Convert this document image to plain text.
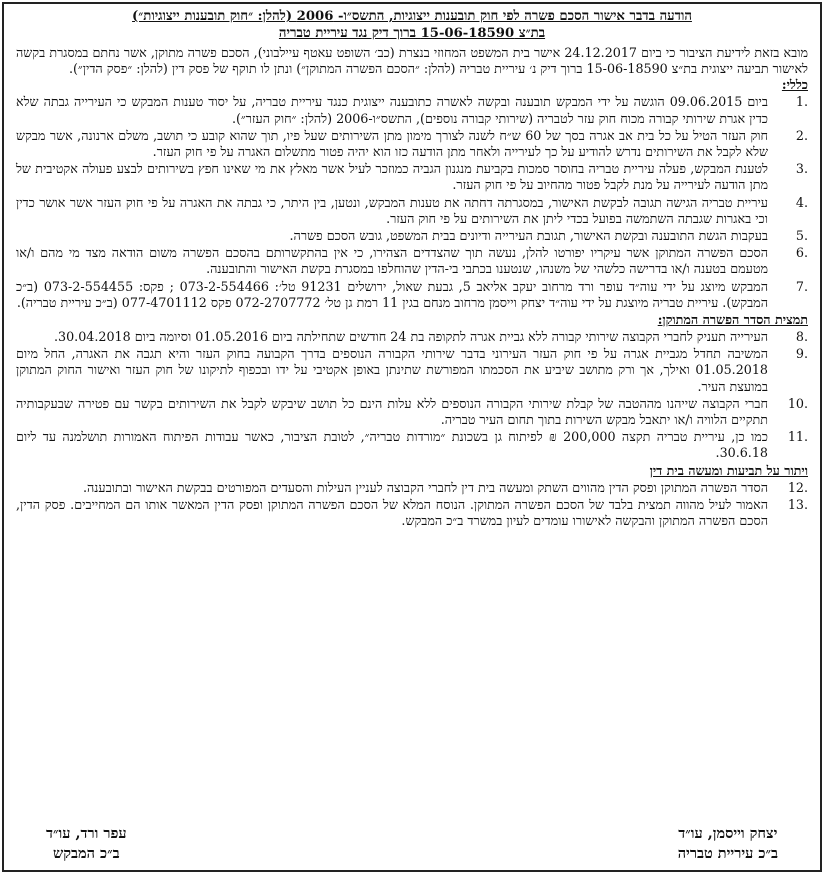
הודעה בדבר אישור הסכם פשרה לפי חוק תובענות ייצוגיות, התשס״ו- 2006 (להלן: ״חוק תובענות ייצוגיות״)
בת״צ 15-06-18590 ברוך דיק נגד עיריית טבריה
מובא בזאת לידיעת הציבור כי ביום 24.12.2017 אישר בית המשפט המחוזי בנצרת (כב׳ השופט עאטף עיילבוני), הסכם פשרה מתוקן, אשר נחתם במסגרת בקשה לאישור תביעה ייצוגית בת״צ 15-06-18590 ברוך דיק נ׳ עיריית טבריה (להלן: ״הסכם הפשרה המתוקן״) ונתן לו תוקף של פסק דין (להלן: ״פסק הדין״).
כללי:
1.
ביום 09.06.2015 הוגשה על ידי המבקש תובענה ובקשה לאשרה כתובענה ייצוגית כנגד עיריית טבריה, על יסוד טענות המבקש כי העירייה גבתה שלא כדין אגרת שירותי קבורה מכוח חוק עזר לטבריה (שירותי קבורה נוספים), התשס״ו-2006 (להלן: ״חוק העזר״).
2.
חוק העזר הטיל על כל בית אב אגרה בסך של 60 ש״ח לשנה לצורך מימון מתן השירותים שעל פיו, תוך שהוא קובע כי תושב, משלם ארנונה, אשר מבקש שלא לקבל את השירותים נדרש להודיע על כך לעירייה ולאחר מתן הודעה כזו הוא יהיה פטור מתשלום האגרה על פי חוק העזר.
3.
לטענת המבקש, פעלה עיריית טבריה בחוסר סמכות בקביעת מנגנון הגביה כמוזכר לעיל אשר מאלץ את מי שאינו חפץ בשירותים לבצע פעולה אקטיבית של מתן הודעה לעירייה על מנת לקבל פטור מהחיוב על פי חוק העזר.
4.
עיריית טבריה הגישה תגובה לבקשת האישור, במסגרתה דחתה את טענות המבקש, ונטען, בין היתר, כי גבתה את האגרה על פי חוק העזר אשר אושר כדין וכי באגרות שגבתה השתמשה בפועל בכדי ליתן את השירותים על פי חוק העזר.
5.
בעקבות הגשת התובענה ובקשת האישור, תגובת העירייה ודיונים בבית המשפט, גובש הסכם פשרה.
6.
הסכם הפשרה המתוקן אשר עיקריו יפורטו להלן, נעשה תוך שהצדדים הצהירו, כי אין בהתקשרותם בהסכם הפשרה משום הודאה מצד מי מהם ו/או מטעמם בטענה ו/או בדרישה כלשהי של משנהו, שנטענו בכתבי בי-הדין שהוחלפו במסגרת בקשת האישור והתובענה.
7.
המבקש מיוצג על ידי עוה״ד עופר ורד מרחוב יעקב אליאב 5, גבעת שאול, ירושלים 91231 טל׳: 073-2-554466 ; פקס: 073-2-554455 (ב״כ המבקש). עיריית טבריה מיוצגת על ידי עוה״ד יצחק וייסמן מרחוב מנחם בגין 11 רמת גן טל׳ 072-2707772 פקס 077-4701112 (ב״כ עיריית טבריה).
תמצית הסדר הפשרה המתוקן:
8.
העירייה תעניק לחברי הקבוצה שירותי קבורה ללא גביית אגרה לתקופה בת 24 חודשים שתחילתה ביום 01.05.2016 וסיומה ביום 30.04.2018.
9.
המשיבה תחדל מגביית אגרה על פי חוק העזר העירוני בדבר שירותי הקבורה הנוספים בדרך הקבועה בחוק העזר והיא תגבה את האגרה, החל מיום 01.05.2018 ואילך, אך ורק מתושב שיביע את הסכמתו המפורשת שתינתן באופן אקטיבי על ידו ובכפוף לתיקונו של חוק העזר ואישור החוק המתוקן במועצת העיר.
10.
חברי הקבוצה שייהנו מההטבה של קבלת שירותי הקבורה הנוספים ללא עלות הינם כל תושב שיבקש לקבל את השירותים בקשר עם פטירה שבעקבותיה תתקיים הלוויה ו/או יתאבל מבקש השירות בתוך תחום העיר טבריה.
11.
כמו כן, עיריית טבריה תקצה 200,000 ₪ לפיתוח גן בשכונת ״מורדות טבריה״, לטובת הציבור, כאשר עבודות הפיתוח האמורות תושלמנה עד ליום 30.6.18.
ויתור על תביעות ומעשה בית דין
12.
הסדר הפשרה המתוקן ופסק הדין מהווים השתק ומעשה בית דין לחברי הקבוצה לעניין העילות והסעדים המפורטים בבקשת האישור ובתובענה.
13.
האמור לעיל מהווה תמצית בלבד של הסכם הפשרה המתוקן. הנוסח המלא של הסכם הפשרה המתוקן ופסק הדין המאשר אותו הם המחייבים. פסק הדין, הסכם הפשרה המתוקן והבקשה לאישורו עומדים לעיון במשרד ב״כ המבקש.
יצחק וייסמן, עו״ד
ב״כ עיריית טבריה
עפר ורד, עו״ד
ב״כ המבקש
